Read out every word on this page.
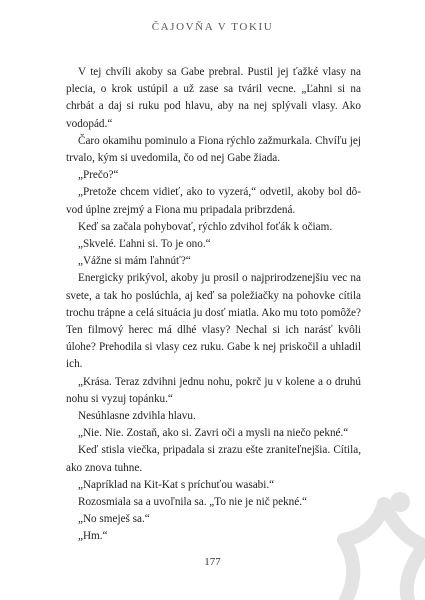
ČAJOVŇA V TOKIU

V tej chvíli akoby sa Gabe prebral. Pustil jej ťažké vlasy na plecia, o krok ustúpil a už zase sa tváril vecne. „Ľahni si na chrbát a daj si ruku pod hlavu, aby na nej splývali vlasy. Ako vodopád.“

Čaro okamihu pominulo a Fiona rýchlo zažmurkala. Chvíľu jej trvalo, kým si uvedomila, čo od nej Gabe žiada.

„Prečo?“

„Pretože chcem vidieť, ako to vyzerá,“ odvetil, akoby bol dôvod úplne zrejmý a Fiona mu pripadala pribrzdená.

Keď sa začala pohybovať, rýchlo zdvihol foťák k očiam.

„Skvelé. Ľahni si. To je ono.“

„Vážne si mám ľahnúť?“

Energicky prikývol, akoby ju prosil o najprirodzenejšiu vec na svete, a tak ho poslúchla, aj keď sa poležiačky na pohovke cítila trochu trápne a celá situácia ju dosť miatla. Ako mu toto pomôže? Ten filmový herec má dlhé vlasy? Nechal si ich narásť kvôli úlohe? Prehodila si vlasy cez ruku. Gabe k nej priskočil a uhladil ich.

„Krása. Teraz zdvihni jednu nohu, pokrč ju v kolene a o druhú nohu si vyzuj topánku.“

Nesúhlasne zdvihla hlavu.

„Nie. Nie. Zostaň, ako si. Zavri oči a mysli na niečo pekné.“

Keď stisla viečka, pripadala si zrazu ešte zraniteľnejšia. Cítila, ako znova tuhne.

„Napríklad na Kit-Kat s príchuťou wasabi.“

Rozosmiala sa a uvoľnila sa. „To nie je nič pekné.“

„No smeješ sa.“

„Hm.“

177
